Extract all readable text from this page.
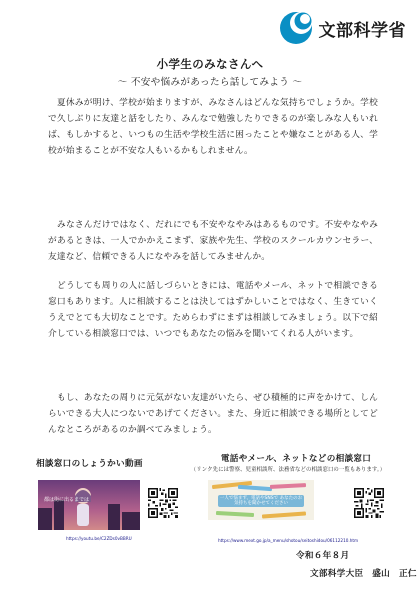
文部科学省
小学生のみなさんへ
～ 不安や悩みがあったら話してみよう ～

夏休みが明け、学校が始まりますが、みなさんはどんな気持ちでしょうか。学校で久しぶりに友達と話をしたり、みんなで勉強したりできるのが楽しみな人もいれば、もしかすると、いつもの生活や学校生活に困ったことや嫌なことがある人、学校が始まることが不安な人もいるかもしれません。

みなさんだけではなく、だれにでも不安やなやみはあるものです。不安やなやみがあるときは、一人でかかえこまず、家族や先生、学校のスクールカウンセラー、友達など、信頼できる人になやみを話してみませんか。

どうしても周りの人に話しづらいときには、電話やメール、ネットで相談できる窓口もあります。人に相談することは決してはずかしいことではなく、生きていくうえでとても大切なことです。ためらわずにまずは相談してみましょう。以下で紹介している相談窓口では、いつでもあなたの悩みを聞いてくれる人がいます。

もし、あなたの周りに元気がない友達がいたら、ぜひ積極的に声をかけて、しんらいできる大人につないであげてください。また、身近に相談できる場所としてどんなところがあるのか調べてみましょう。

相談窓口のしょうかい動画
都は街に出るまでは
https://youtu.be/C2ZDs0vBBRU
電話やメール、ネットなどの相談窓口
（リンク先には警察、児童相談所、法務省などの相談窓口の一覧もあります。）
一人で悩まず、電話やSNSで あなたのお気持ちを聞かせてください
https://www.mext.go.jp/a_menu/shotou/seitoshidou/06112210.htm
令和６年８月
文部科学大臣　盛山　正仁
